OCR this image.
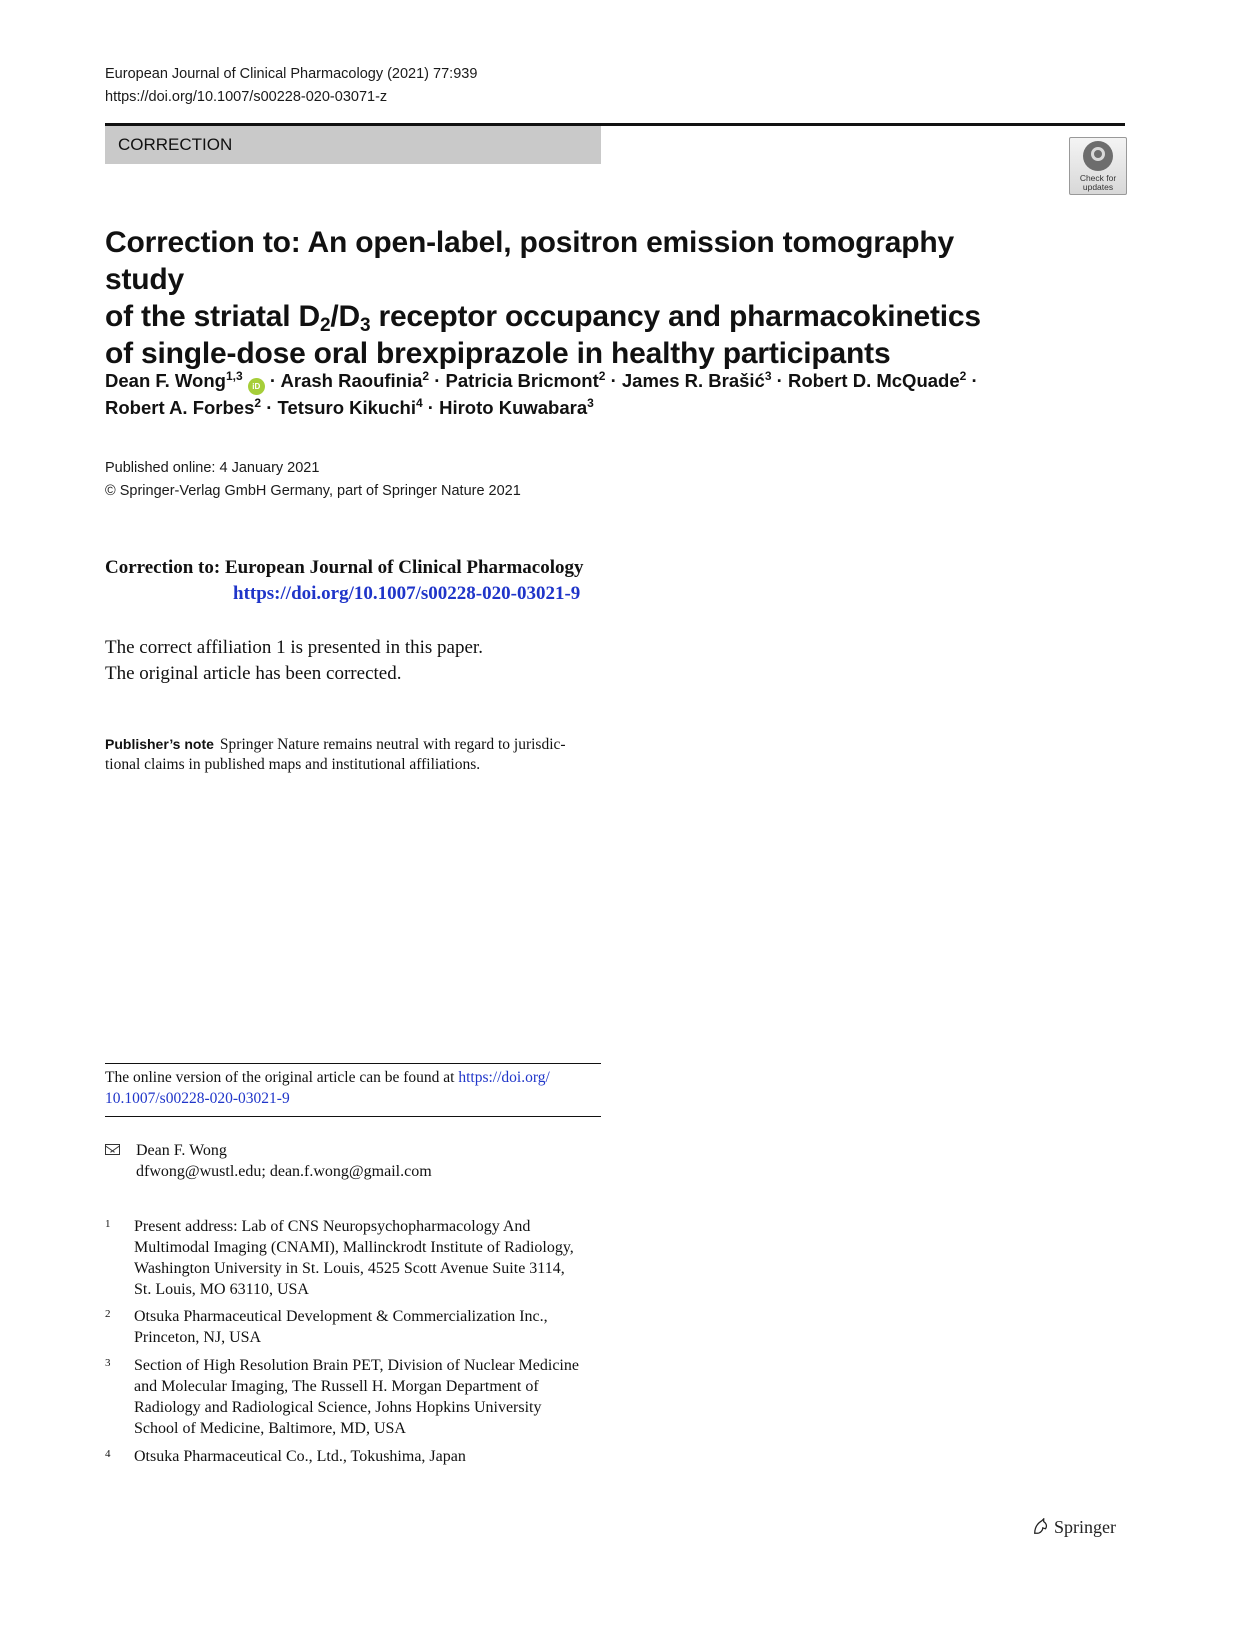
European Journal of Clinical Pharmacology (2021) 77:939
https://doi.org/10.1007/s00228-020-03071-z
CORRECTION
Check for
updates
Correction to: An open-label, positron emission tomography study
of the striatal $D_2/D_3$ receptor occupancy and pharmacokinetics
of single-dose oral brexpiprazole in healthy participants
Dean F. Wong$^{1,3}$ iD · Arash Raoufinia$^2$ · Patricia Bricmont$^2$ · James R. Brašić$^3$ · Robert D. McQuade$^2$ ·
Robert A. Forbes$^2$ · Tetsuro Kikuchi$^4$ · Hiroto Kuwabara$^3$
Published online: 4 January 2021
© Springer-Verlag GmbH Germany, part of Springer Nature 2021
Correction to: European Journal of Clinical Pharmacology
https://doi.org/10.1007/s00228-020-03021-9
The correct affiliation 1 is presented in this paper.
The original article has been corrected.
Publisher’s note Springer Nature remains neutral with regard to jurisdic-
tional claims in published maps and institutional affiliations.
The online version of the original article can be found at https://doi.org/
10.1007/s00228-020-03021-9
Dean F. Wong
dfwong@wustl.edu; dean.f.wong@gmail.com
1 Present address: Lab of CNS Neuropsychopharmacology And
Multimodal Imaging (CNAMI), Mallinckrodt Institute of Radiology,
Washington University in St. Louis, 4525 Scott Avenue Suite 3114,
St. Louis, MO 63110, USA
2 Otsuka Pharmaceutical Development & Commercialization Inc.,
Princeton, NJ, USA
3 Section of High Resolution Brain PET, Division of Nuclear Medicine
and Molecular Imaging, The Russell H. Morgan Department of
Radiology and Radiological Science, Johns Hopkins University
School of Medicine, Baltimore, MD, USA
4 Otsuka Pharmaceutical Co., Ltd., Tokushima, Japan
Springer
